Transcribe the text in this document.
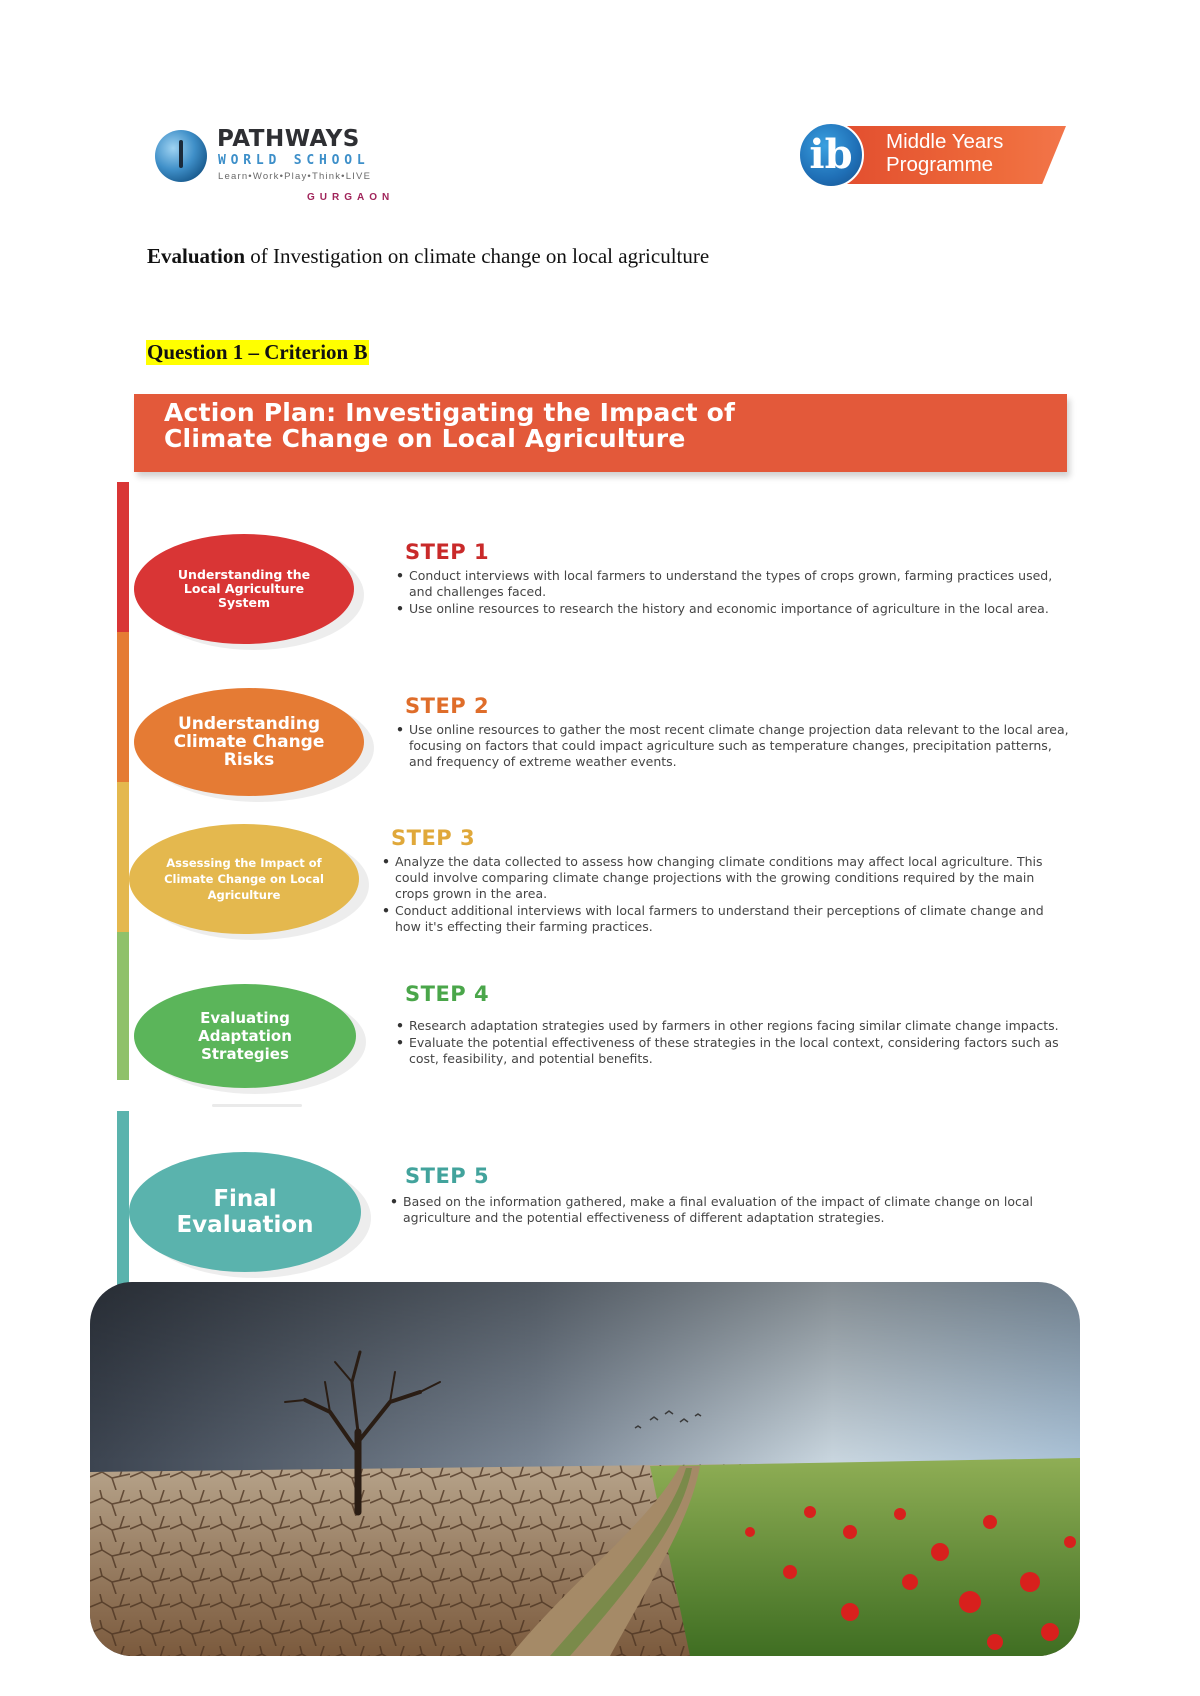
PATHWAYS
WORLD SCHOOL
Learn•Work•Play•Think•LIVE
GURGAON
ib	Middle Years
Programme
Evaluation of Investigation on climate change on local agriculture
Question 1 – Criterion B
Action Plan: Investigating the Impact of
Climate Change on Local Agriculture
Understanding the Local Agriculture System
STEP 1
• Conduct interviews with local farmers to understand the types of crops grown, farming practices used, and challenges faced.
• Use online resources to research the history and economic importance of agriculture in the local area.
Understanding Climate Change Risks
STEP 2
• Use online resources to gather the most recent climate change projection data relevant to the local area, focusing on factors that could impact agriculture such as temperature changes, precipitation patterns, and frequency of extreme weather events.
Assessing the Impact of Climate Change on Local Agriculture
STEP 3
• Analyze the data collected to assess how changing climate conditions may affect local agriculture. This could involve comparing climate change projections with the growing conditions required by the main crops grown in the area.
• Conduct additional interviews with local farmers to understand their perceptions of climate change and how it's effecting their farming practices.
Evaluating Adaptation Strategies
STEP 4
• Research adaptation strategies used by farmers in other regions facing similar climate change impacts.
• Evaluate the potential effectiveness of these strategies in the local context, considering factors such as cost, feasibility, and potential benefits.
Final Evaluation
STEP 5
• Based on the information gathered, make a final evaluation of the impact of climate change on local agriculture and the potential effectiveness of different adaptation strategies.
